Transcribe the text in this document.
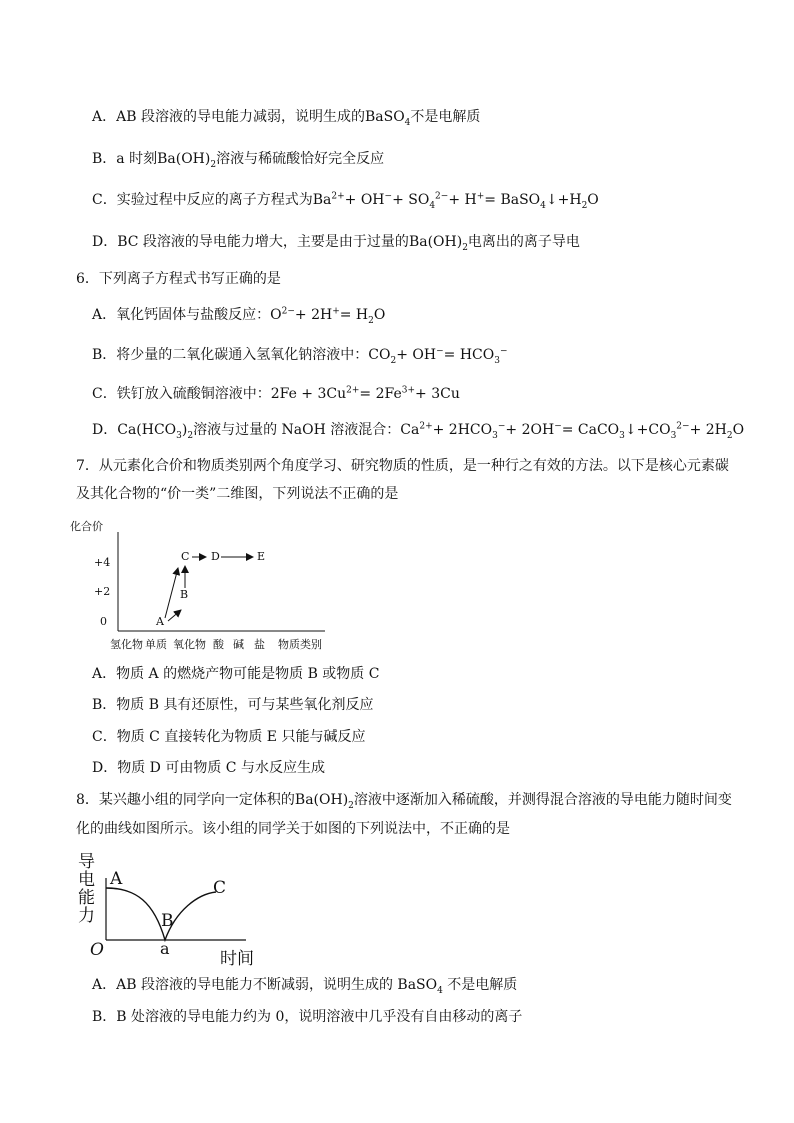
A．AB 段溶液的导电能力减弱，说明生成的BaSO$_4$不是电解质
B．a 时刻$Ba(OH)_2$溶液与稀硫酸恰好完全反应
C．实验过程中反应的离子方程式为$Ba^{2+}+ OH^-+ SO_4^{2-}+ H^+=$ $BaSO_4↓+H_2O$
D．BC 段溶液的导电能力增大，主要是由于过量的$Ba(OH)_2$电离出的离子导电
6．下列离子方程式书写正确的是
A．氧化钙固体与盐酸反应：$O^{2-}+ 2H^+= H_2O$
B．将少量的二氧化碳通入氢氧化钠溶液中：$CO_2+ OH^-= HCO_3^-$
C．铁钉放入硫酸铜溶液中：$2Fe + 3Cu^{2+}= 2Fe^{3+}+ 3Cu$
D．$Ca(HCO_3)_2$溶液与过量的 NaOH 溶液混合：$Ca^{2+}+ 2HCO_3^-+ 2OH^-=$ $CaCO_3↓+CO_3^{2-}+ 2H_2O$
7．从元素化合价和物质类别两个角度学习、研究物质的性质，是一种行之有效的方法。以下是核心元素碳
及其化合物的“价一类”二维图，下列说法不正确的是
化合价
+4
+2
0	A
B
C D	E
氢化物 单质 氧化物 酸 碱 盐 物质类别
A．物质 A 的燃烧产物可能是物质 B 或物质 C
B．物质 B 具有还原性，可与某些氧化剂反应
C．物质 C 直接转化为物质 E 只能与碱反应
D．物质 D 可由物质 C 与水反应生成
8．某兴趣小组的同学向一定体积的$Ba(OH)_2$溶液中逐渐加入稀硫酸，并测得混合溶液的导电能力随时间变
化的曲线如图所示。该小组的同学关于如图的下列说法中，不正确的是
导电能力 A
B
C
a
O	时间
A．AB 段溶液的导电能力不断减弱，说明生成的 BaSO$_4$ 不是电解质
B．B 处溶液的导电能力约为 0，说明溶液中几乎没有自由移动的离子
